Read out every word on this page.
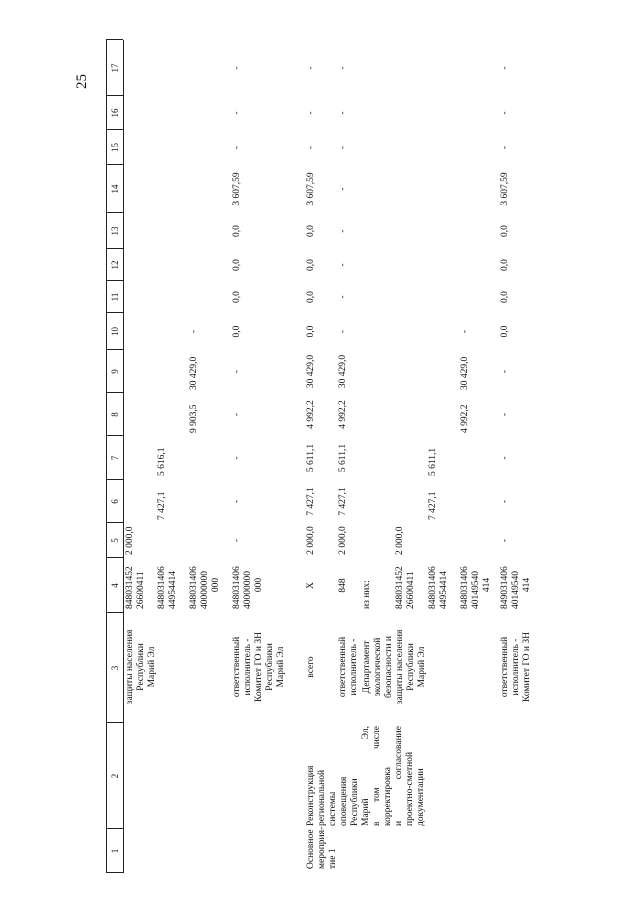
25
1
2
3
4
5
6
7
8
9
10
11
12
13
14
15
16
17
защиты населения Республики Марий Эл
848031452 26600411
2 000,0
848031406 44954414
7 427,1
5 616,1
848031406 40000000 000
9 903,5
30 429,0
-
ответственный исполнитель - Комитет ГО и ЗН Республики Марий Эл
848031406 40000000 000
-
-
-
-
-
0,0
0,0
0,0
0,0
3 607,59
-
-
-
Основное мероприя- тие 1
Реконструкция региональной системы оповещения Республики Марий
Эл,
в
том
числе
корректировка и
согласование проектно-сметной документации
всего
X
2 000,0
7 427,1
5 611,1
4 992,2
30 429,0
0,0
0,0
0,0
0,0
3 607,59
-
-
-
ответственный исполнитель -
848
2 000,0
7 427,1
5 611,1
4 992,2
30 429,0
-
-
-
-
-
-
-
-
Департамент экологической безопасности и защиты населения Республики Марий Эл
из них: 848031452 26600411
2 000,0
848031406 44954414
7 427,1
5 611,1
848031406 40149540 414
4 992,2
30 429,0
-
ответственный исполнитель - Комитет ГО и ЗН
849031406 40149540 414
-
-
-
-
-
0,0
0,0
0,0
0,0
3 607,59
-
-
-
